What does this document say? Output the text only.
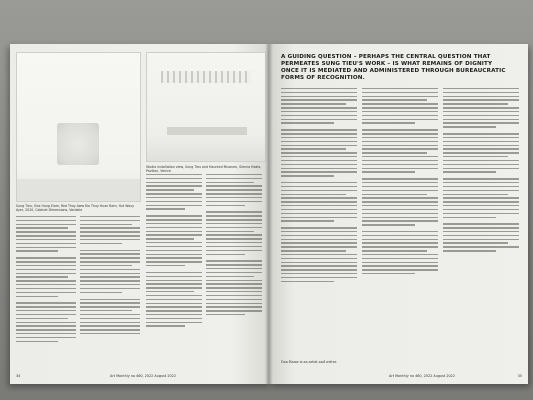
Sung Tieu, Sins Hung Elam, Red Thay Aww Kio Thuy Huan Bam, Hut Wouy Ayer, 2020, Cabinet Dimensions, Variable
Studio installation view, Sung Tieu and Haunted Museum, Sienna Heats, Pavilion, Venice
34	Art Monthly no 460, 2022 August 2022
A GUIDING QUESTION – PERHAPS THE CENTRAL QUESTION THAT PERMEATES SUNG TIEU'S WORK – IS WHAT REMAINS OF DIGNITY ONCE IT IS MEDIATED AND ADMINISTERED THROUGH BUREAUCRATIC FORMS OF RECOGNITION.
Dan Hame is an artist and writer.
Art Monthly no 460, 2022 August 2022	35
